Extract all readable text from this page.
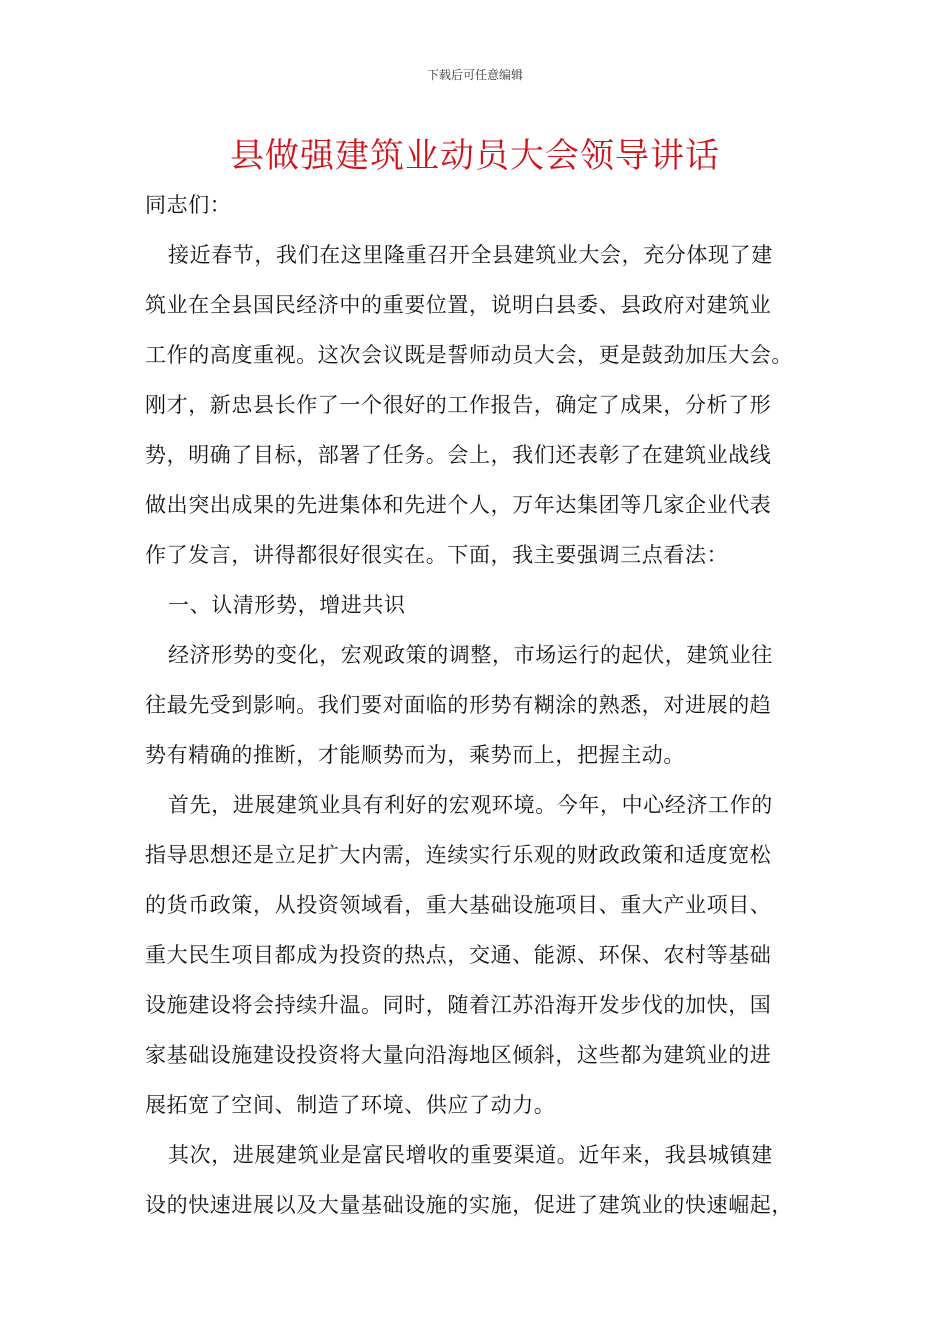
下载后可任意编辑
县做强建筑业动员大会领导讲话
同志们：
接近春节，我们在这里隆重召开全县建筑业大会，充分体现了建
筑业在全县国民经济中的重要位置，说明白县委、县政府对建筑业
工作的高度重视。这次会议既是誓师动员大会，更是鼓劲加压大会。
刚才，新忠县长作了一个很好的工作报告，确定了成果，分析了形
势，明确了目标，部署了任务。会上，我们还表彰了在建筑业战线
做出突出成果的先进集体和先进个人，万年达集团等几家企业代表
作了发言，讲得都很好很实在。下面，我主要强调三点看法：
一、认清形势，增进共识
经济形势的变化，宏观政策的调整，市场运行的起伏，建筑业往
往最先受到影响。我们要对面临的形势有糊涂的熟悉，对进展的趋
势有精确的推断，才能顺势而为，乘势而上，把握主动。
首先，进展建筑业具有利好的宏观环境。今年，中心经济工作的
指导思想还是立足扩大内需，连续实行乐观的财政政策和适度宽松
的货币政策，从投资领域看，重大基础设施项目、重大产业项目、
重大民生项目都成为投资的热点，交通、能源、环保、农村等基础
设施建设将会持续升温。同时，随着江苏沿海开发步伐的加快，国
家基础设施建设投资将大量向沿海地区倾斜，这些都为建筑业的进
展拓宽了空间、制造了环境、供应了动力。
其次，进展建筑业是富民增收的重要渠道。近年来，我县城镇建
设的快速进展以及大量基础设施的实施，促进了建筑业的快速崛起，
